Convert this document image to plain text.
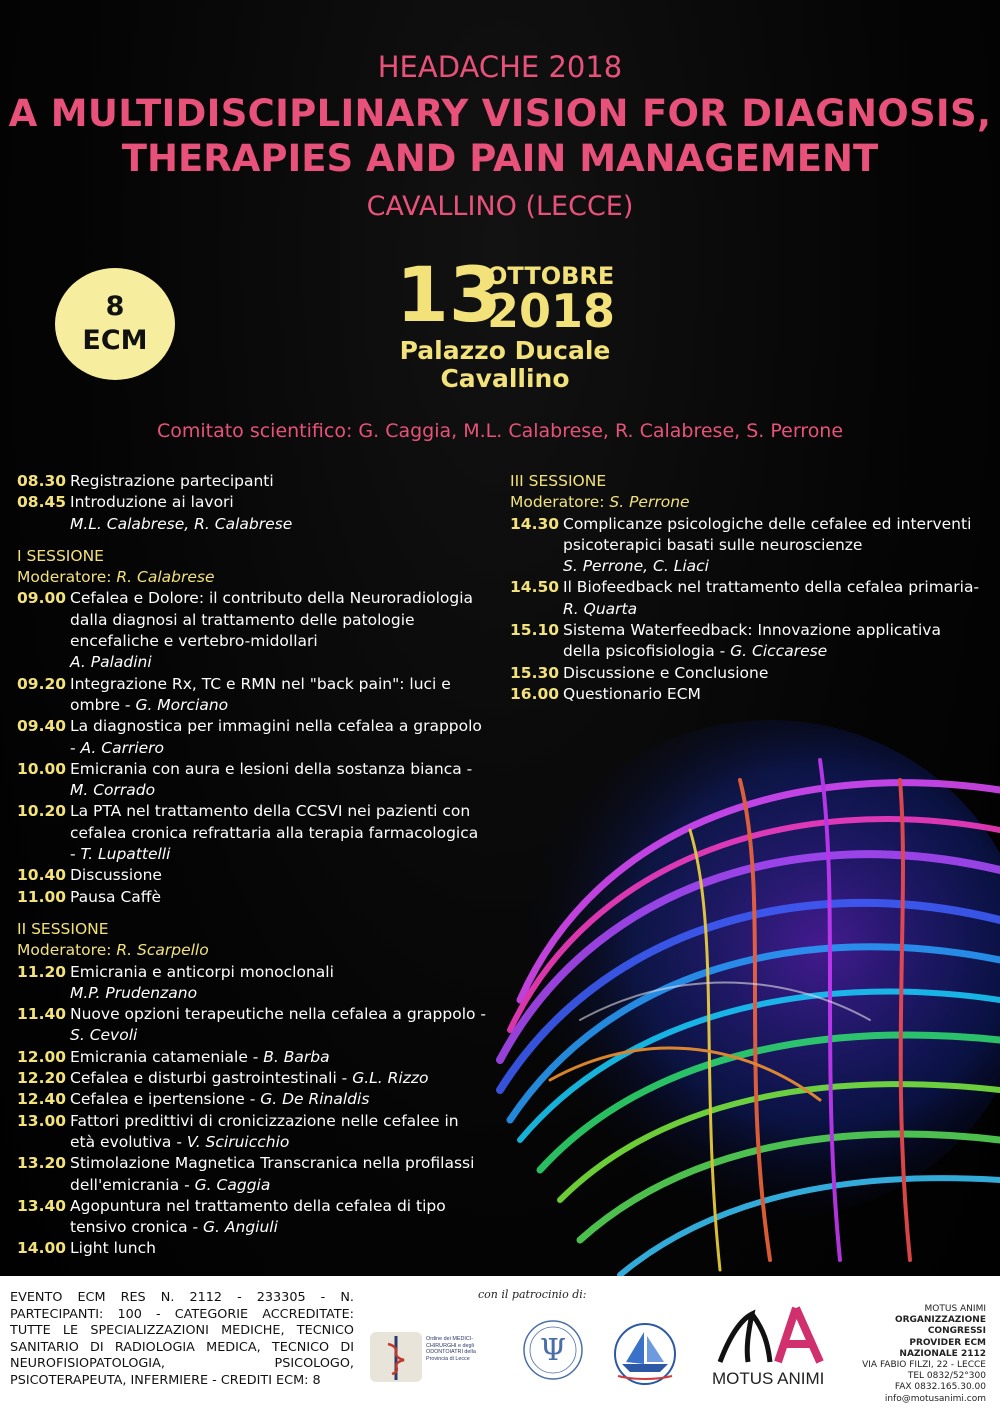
HEADACHE 2018
A MULTIDISCIPLINARY VISION FOR DIAGNOSIS,
THERAPIES AND PAIN MANAGEMENT
CAVALLINO (LECCE)
8
ECM
13
OTTOBRE
2018
Palazzo Ducale
Cavallino
Comitato scientifico: G. Caggia, M.L. Calabrese, R. Calabrese, S. Perrone
08.30 Registrazione partecipanti
08.45 Introduzione ai lavori
M.L. Calabrese, R. Calabrese
I SESSIONE
Moderatore: R. Calabrese
09.00 Cefalea e Dolore: il contributo della Neuroradiologia dalla diagnosi al trattamento delle patologie encefaliche e vertebro-midollari
A. Paladini
09.20 Integrazione Rx, TC e RMN nel "back pain": luci e ombre - G. Morciano
09.40 La diagnostica per immagini nella cefalea a grappolo - A. Carriero
10.00 Emicrania con aura e lesioni della sostanza bianca - M. Corrado
10.20 La PTA nel trattamento della CCSVI nei pazienti con cefalea cronica refrattaria alla terapia farmacologica - T. Lupattelli
10.40 Discussione
11.00 Pausa Caffè
II SESSIONE
Moderatore: R. Scarpello
11.20 Emicrania e anticorpi monoclonali
M.P. Prudenzano
11.40 Nuove opzioni terapeutiche nella cefalea a grappolo -S. Cevoli
12.00 Emicrania catameniale - B. Barba
12.20 Cefalea e disturbi gastrointestinali - G.L. Rizzo
12.40 Cefalea e ipertensione - G. De Rinaldis
13.00 Fattori predittivi di cronicizzazione nelle cefalee in età evolutiva - V. Sciruicchio
13.20 Stimolazione Magnetica Transcranica nella profilassi dell'emicrania - G. Caggia
13.40 Agopuntura nel trattamento della cefalea di tipo tensivo cronica - G. Angiuli
14.00 Light lunch
III SESSIONE
Moderatore: S. Perrone
14.30 Complicanze psicologiche delle cefalee ed interventi psicoterapici basati sulle neuroscienze
S. Perrone, C. Liaci
14.50 Il Biofeedback nel trattamento della cefalea primaria- R. Quarta
15.10 Sistema Waterfeedback: Innovazione applicativa della psicofisiologia - G. Ciccarese
15.30 Discussione e Conclusione
16.00 Questionario ECM
EVENTO ECM RES N. 2112 - 233305 - N. PARTECIPANTI: 100 - CATEGORIE ACCREDITATE: TUTTE LE SPECIALIZZAZIONI MEDICHE, TECNICO SANITARIO DI RADIOLOGIA MEDICA, TECNICO DI NEUROFISIOPATOLOGIA, PSICOLOGO, PSICOTERAPEUTA, INFERMIERE - CREDITI ECM: 8
con il patrocinio di:
Ordine dei MEDICI-CHIRURGHI e degli ODONTOIATRI della Provincia di Lecce	Ψ
MOTUS ANIMI
MOTUS ANIMI
ORGANIZZAZIONE CONGRESSI
PROVIDER ECM NAZIONALE 2112
VIA FABIO FILZI, 22 - LECCE
TEL 0832/52°300
FAX 0832.165.30.00
info@motusanimi.com
